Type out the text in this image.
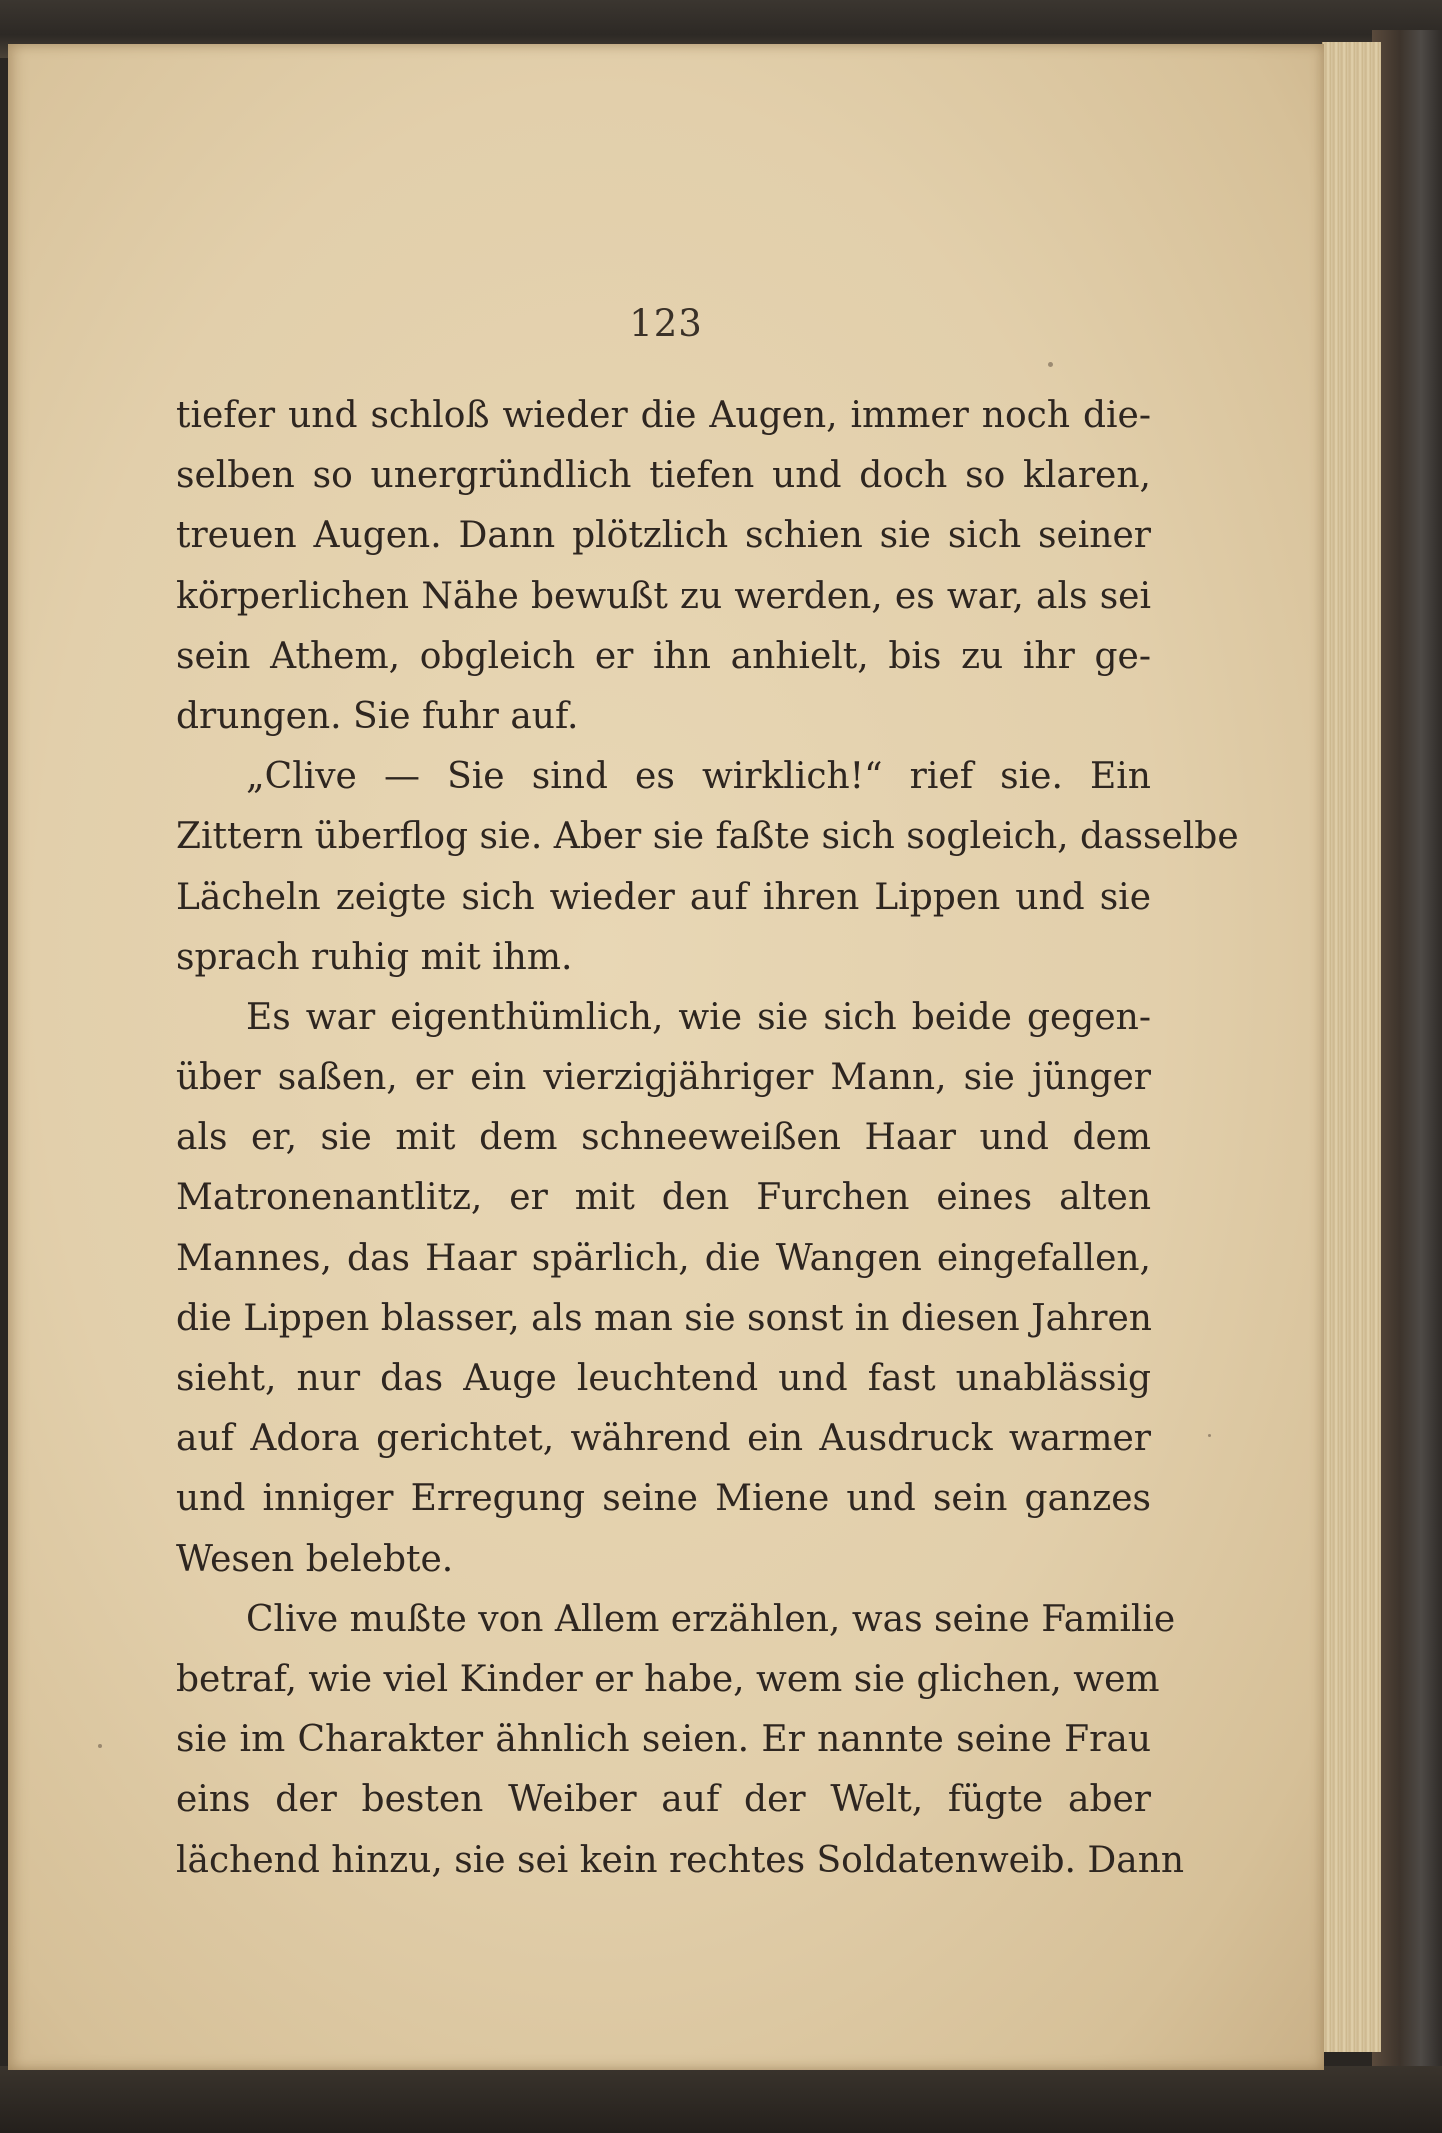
123
tiefer und schloß wieder die Augen, immer noch die-
selben so unergründlich tiefen und doch so klaren,
treuen Augen. Dann plötzlich schien sie sich seiner
körperlichen Nähe bewußt zu werden, es war, als sei
sein Athem, obgleich er ihn anhielt, bis zu ihr ge-
drungen. Sie fuhr auf.
„Clive — Sie sind es wirklich!“ rief sie. Ein
Zittern überflog sie. Aber sie faßte sich sogleich, dasselbe
Lächeln zeigte sich wieder auf ihren Lippen und sie
sprach ruhig mit ihm.
Es war eigenthümlich, wie sie sich beide gegen-
über saßen, er ein vierzigjähriger Mann, sie jünger
als er, sie mit dem schneeweißen Haar und dem
Matronenantlitz, er mit den Furchen eines alten
Mannes, das Haar spärlich, die Wangen eingefallen,
die Lippen blasser, als man sie sonst in diesen Jahren
sieht, nur das Auge leuchtend und fast unablässig
auf Adora gerichtet, während ein Ausdruck warmer
und inniger Erregung seine Miene und sein ganzes
Wesen belebte.
Clive mußte von Allem erzählen, was seine Familie
betraf, wie viel Kinder er habe, wem sie glichen, wem
sie im Charakter ähnlich seien. Er nannte seine Frau
eins der besten Weiber auf der Welt, fügte aber
lächend hinzu, sie sei kein rechtes Soldatenweib. Dann
